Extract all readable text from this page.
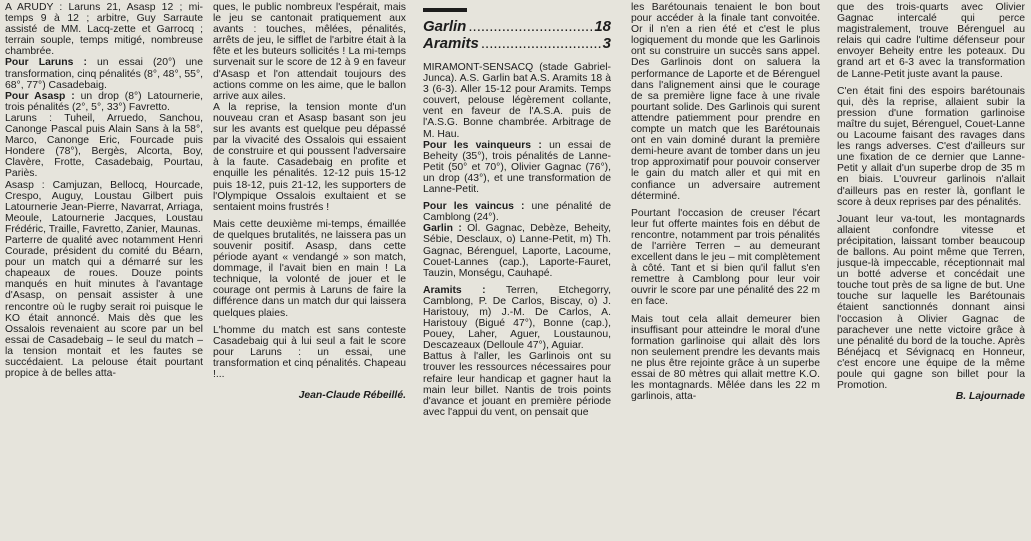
A ARUDY : Laruns 21, Asasp 12 ; mi-temps 9 à 12 ; arbitre, Guy Sarraute assisté de MM. Lacq-zette et Garrocq ; terrain souple, temps mitigé, nombreuse chambrée.

Pour Laruns : un essai (20°) une transformation, cinq pénalités (8°, 48°, 55°, 68°, 77°) Casadebaig.

Pour Asasp : un drop (8°) Latournerie, trois pénalités (2°, 5°, 33°) Favretto.

Laruns : Tuheil, Arruedo, Sanchou, Canonge Pascal puis Alain Sans à la 58°, Marco, Canonge Eric, Fourcade puis Hondere (78°), Bergès, Alcorta, Boy, Clavère, Frotte, Casadebaig, Pourtau, Pariès.

Asasp : Camjuzan, Bellocq, Hourcade, Crespo, Auguy, Loustau Gilbert puis Latournerie Jean-Pierre, Navarrat, Arriaga, Meoule, Latournerie Jacques, Loustau Frédéric, Traille, Favretto, Zanier, Maunas.

Parterre de qualité avec notamment Henri Courade, président du comité du Béarn, pour un match qui a démarré sur les chapeaux de roues. Douze points manqués en huit minutes à l'avantage d'Asasp, on pensait assister à une rencontre où le rugby serait roi puisque le KO était annoncé. Mais dès que les Ossalois revenaient au score par un bel essai de Casadebaig – le seul du match – la tension montait et les fautes se succédaient. La pelouse était pourtant propice à de belles atta-

ques, le public nombreux l'espérait, mais le jeu se cantonait pratiquement aux avants : touches, mêlées, pénalités, arrêts de jeu, le sifflet de l'arbitre était à la fête et les buteurs sollicités ! La mi-temps survenait sur le score de 12 à 9 en faveur d'Asasp et l'on attendait toujours des actions comme on les aime, que le ballon arrive aux ailes.

A la reprise, la tension monte d'un nouveau cran et Asasp basant son jeu sur les avants est quelque peu dépassé par la vivacité des Ossalois qui essaient de construire et qui poussent l'adversaire à la faute. Casadebaig en profite et enquille les pénalités. 12-12 puis 15-12 puis 18-12, puis 21-12, les supporters de l'Olympique Ossalois exultaient et se sentaient moins frustrés !

Mais cette deuxième mi-temps, émaillée de quelques brutalités, ne laissera pas un souvenir positif. Asasp, dans cette période ayant « vendangé » son match, dommage, il l'avait bien en main ! La technique, la volonté de jouer et le courage ont permis à Laruns de faire la différence dans un match dur qui laissera quelques plaies.

L'homme du match est sans conteste Casadebaig qui à lui seul a fait le score pour Laruns : un essai, une transformation et cinq pénalités. Chapeau !...

Jean-Claude Rébeillé.

Garlin .....	18
Aramits .....	3

MIRAMONT-SENSACQ (stade Gabriel-Junca). A.S. Garlin bat A.S. Aramits 18 à 3 (6-3). Aller 15-12 pour Aramits. Temps couvert, pelouse légèrement collante, vent en faveur de l'A.S.A. puis de l'A.S.G. Bonne chambrée. Arbitrage de M. Hau.

Pour les vainqueurs : un essai de Beheity (35°), trois pénalités de Lanne-Petit (50° et 70°), Olivier Gagnac (76°), un drop (43°), et une transformation de Lanne-Petit.

Pour les vaincus : une pénalité de Camblong (24°).

Garlin : Ol. Gagnac, Debèze, Beheity, Sébie, Desclaux, o) Lanne-Petit, m) Th. Gagnac, Bérenguel, Laporte, Lacoume, Couet-Lannes (cap.), Laporte-Fauret, Tauzin, Monségu, Cauhapé.

Aramits : Terren, Etchegorry, Camblong, P. De Carlos, Biscay, o) J. Haristouy, m) J.-M. De Carlos, A. Haristouy (Bigué 47°), Bonne (cap.), Pouey, Laher, Aguer, Loustaunou, Descazeaux (Delloule 47°), Aguiar.

Battus à l'aller, les Garlinois ont su trouver les ressources nécessaires pour refaire leur handicap et gagner haut la main leur billet. Nantis de trois points d'avance et jouant en première période avec l'appui du vent, on pensait que

les Barétounais tenaient le bon bout pour accéder à la finale tant convoitée. Or il n'en a rien été et c'est le plus logiquement du monde que les Garlinois ont su construire un succès sans appel. Des Garlinois dont on saluera la performance de Laporte et de Bérenguel dans l'alignement ainsi que le courage de sa première ligne face à une rivale pourtant solide. Des Garlinois qui surent attendre patiemment pour prendre en compte un match que les Barétounais ont en vain dominé durant la première demi-heure avant de tomber dans un jeu trop approximatif pour pouvoir conserver le gain du match aller et qui mit en confiance un adversaire autrement déterminé.

Pourtant l'occasion de creuser l'écart leur fut offerte maintes fois en début de rencontre, notamment par trois pénalités de l'arrière Terren – au demeurant excellent dans le jeu – mit complètement à côté. Tant et si bien qu'il fallut s'en remettre à Camblong pour leur voir ouvrir le score par une pénalité des 22 m en face.

Mais tout cela allait demeurer bien insuffisant pour atteindre le moral d'une formation garlinoise qui allait dès lors non seulement prendre les devants mais ne plus être rejointe grâce à un superbe essai de 80 mètres qui allait mettre K.O. les montagnards. Mêlée dans les 22 m garlinois, atta-

que des trois-quarts avec Olivier Gagnac intercalé qui perce magistralement, trouve Bérenguel au relais qui cadre l'ultime défenseur pour envoyer Beheity entre les poteaux. Du grand art et 6-3 avec la transformation de Lanne-Petit juste avant la pause.

C'en était fini des espoirs barétounais qui, dès la reprise, allaient subir la pression d'une formation garlinoise maître du sujet, Bérenguel, Couet-Lanne ou Lacoume faisant des ravages dans les rangs adverses. C'est d'ailleurs sur une fixation de ce dernier que Lanne-Petit y allait d'un superbe drop de 35 m en biais. L'ouvreur garlinois n'allait d'ailleurs pas en rester là, gonflant le score à deux reprises par des pénalités.

Jouant leur va-tout, les montagnards allaient confondre vitesse et précipitation, laissant tomber beaucoup de ballons. Au point même que Terren, jusque-là impeccable, réceptionnait mal un botté adverse et concédait une touche tout près de sa ligne de but. Une touche sur laquelle les Barétounais étaient sanctionnés donnant ainsi l'occasion à Olivier Gagnac de parachever une nette victoire grâce à une pénalité du bord de la touche. Après Bénéjacq et Sévignacq en Honneur, c'est encore une équipe de la même poule qui gagne son billet pour la Promotion.

B. Lajournade
